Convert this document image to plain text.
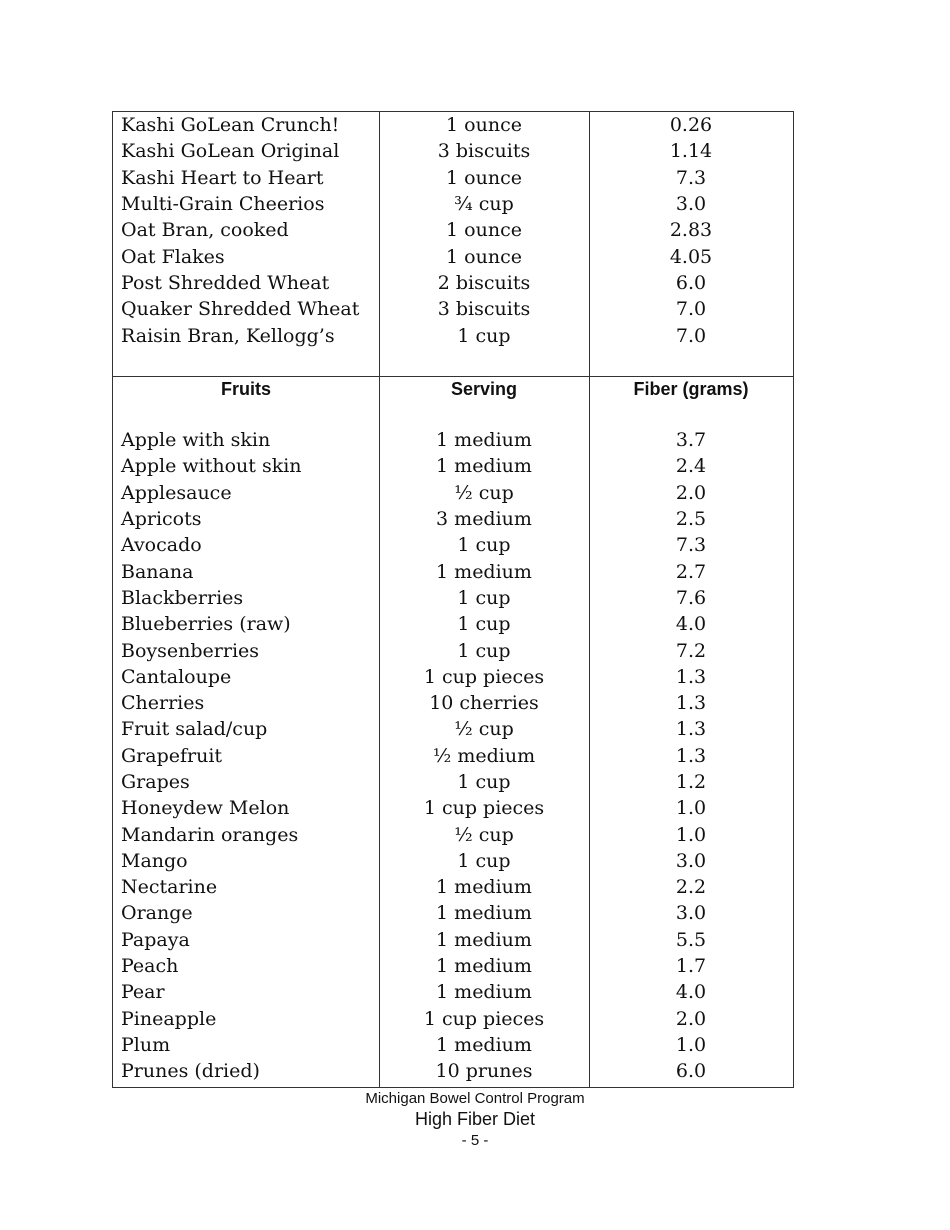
Kashi GoLean Crunch!	1 ounce	0.26
Kashi GoLean Original	3 biscuits	1.14
Kashi Heart to Heart	1 ounce	7.3
Multi-Grain Cheerios	¾ cup	3.0
Oat Bran, cooked	1 ounce	2.83
Oat Flakes	1 ounce	4.05
Post Shredded Wheat	2 biscuits	6.0
Quaker Shredded Wheat	3 biscuits	7.0
Raisin Bran, Kellogg’s	1 cup	7.0
Fruits	Serving	Fiber (grams)
Apple with skin	1 medium	3.7
Apple without skin	1 medium	2.4
Applesauce	½ cup	2.0
Apricots	3 medium	2.5
Avocado	1 cup	7.3
Banana	1 medium	2.7
Blackberries	1 cup	7.6
Blueberries (raw)	1 cup	4.0
Boysenberries	1 cup	7.2
Cantaloupe	1 cup pieces	1.3
Cherries	10 cherries	1.3
Fruit salad/cup	½ cup	1.3
Grapefruit	½ medium	1.3
Grapes	1 cup	1.2
Honeydew Melon	1 cup pieces	1.0
Mandarin oranges	½ cup	1.0
Mango	1 cup	3.0
Nectarine	1 medium	2.2
Orange	1 medium	3.0
Papaya	1 medium	5.5
Peach	1 medium	1.7
Pear	1 medium	4.0
Pineapple	1 cup pieces	2.0
Plum	1 medium	1.0
Prunes (dried)	10 prunes	6.0
Michigan Bowel Control Program
High Fiber Diet
- 5 -
